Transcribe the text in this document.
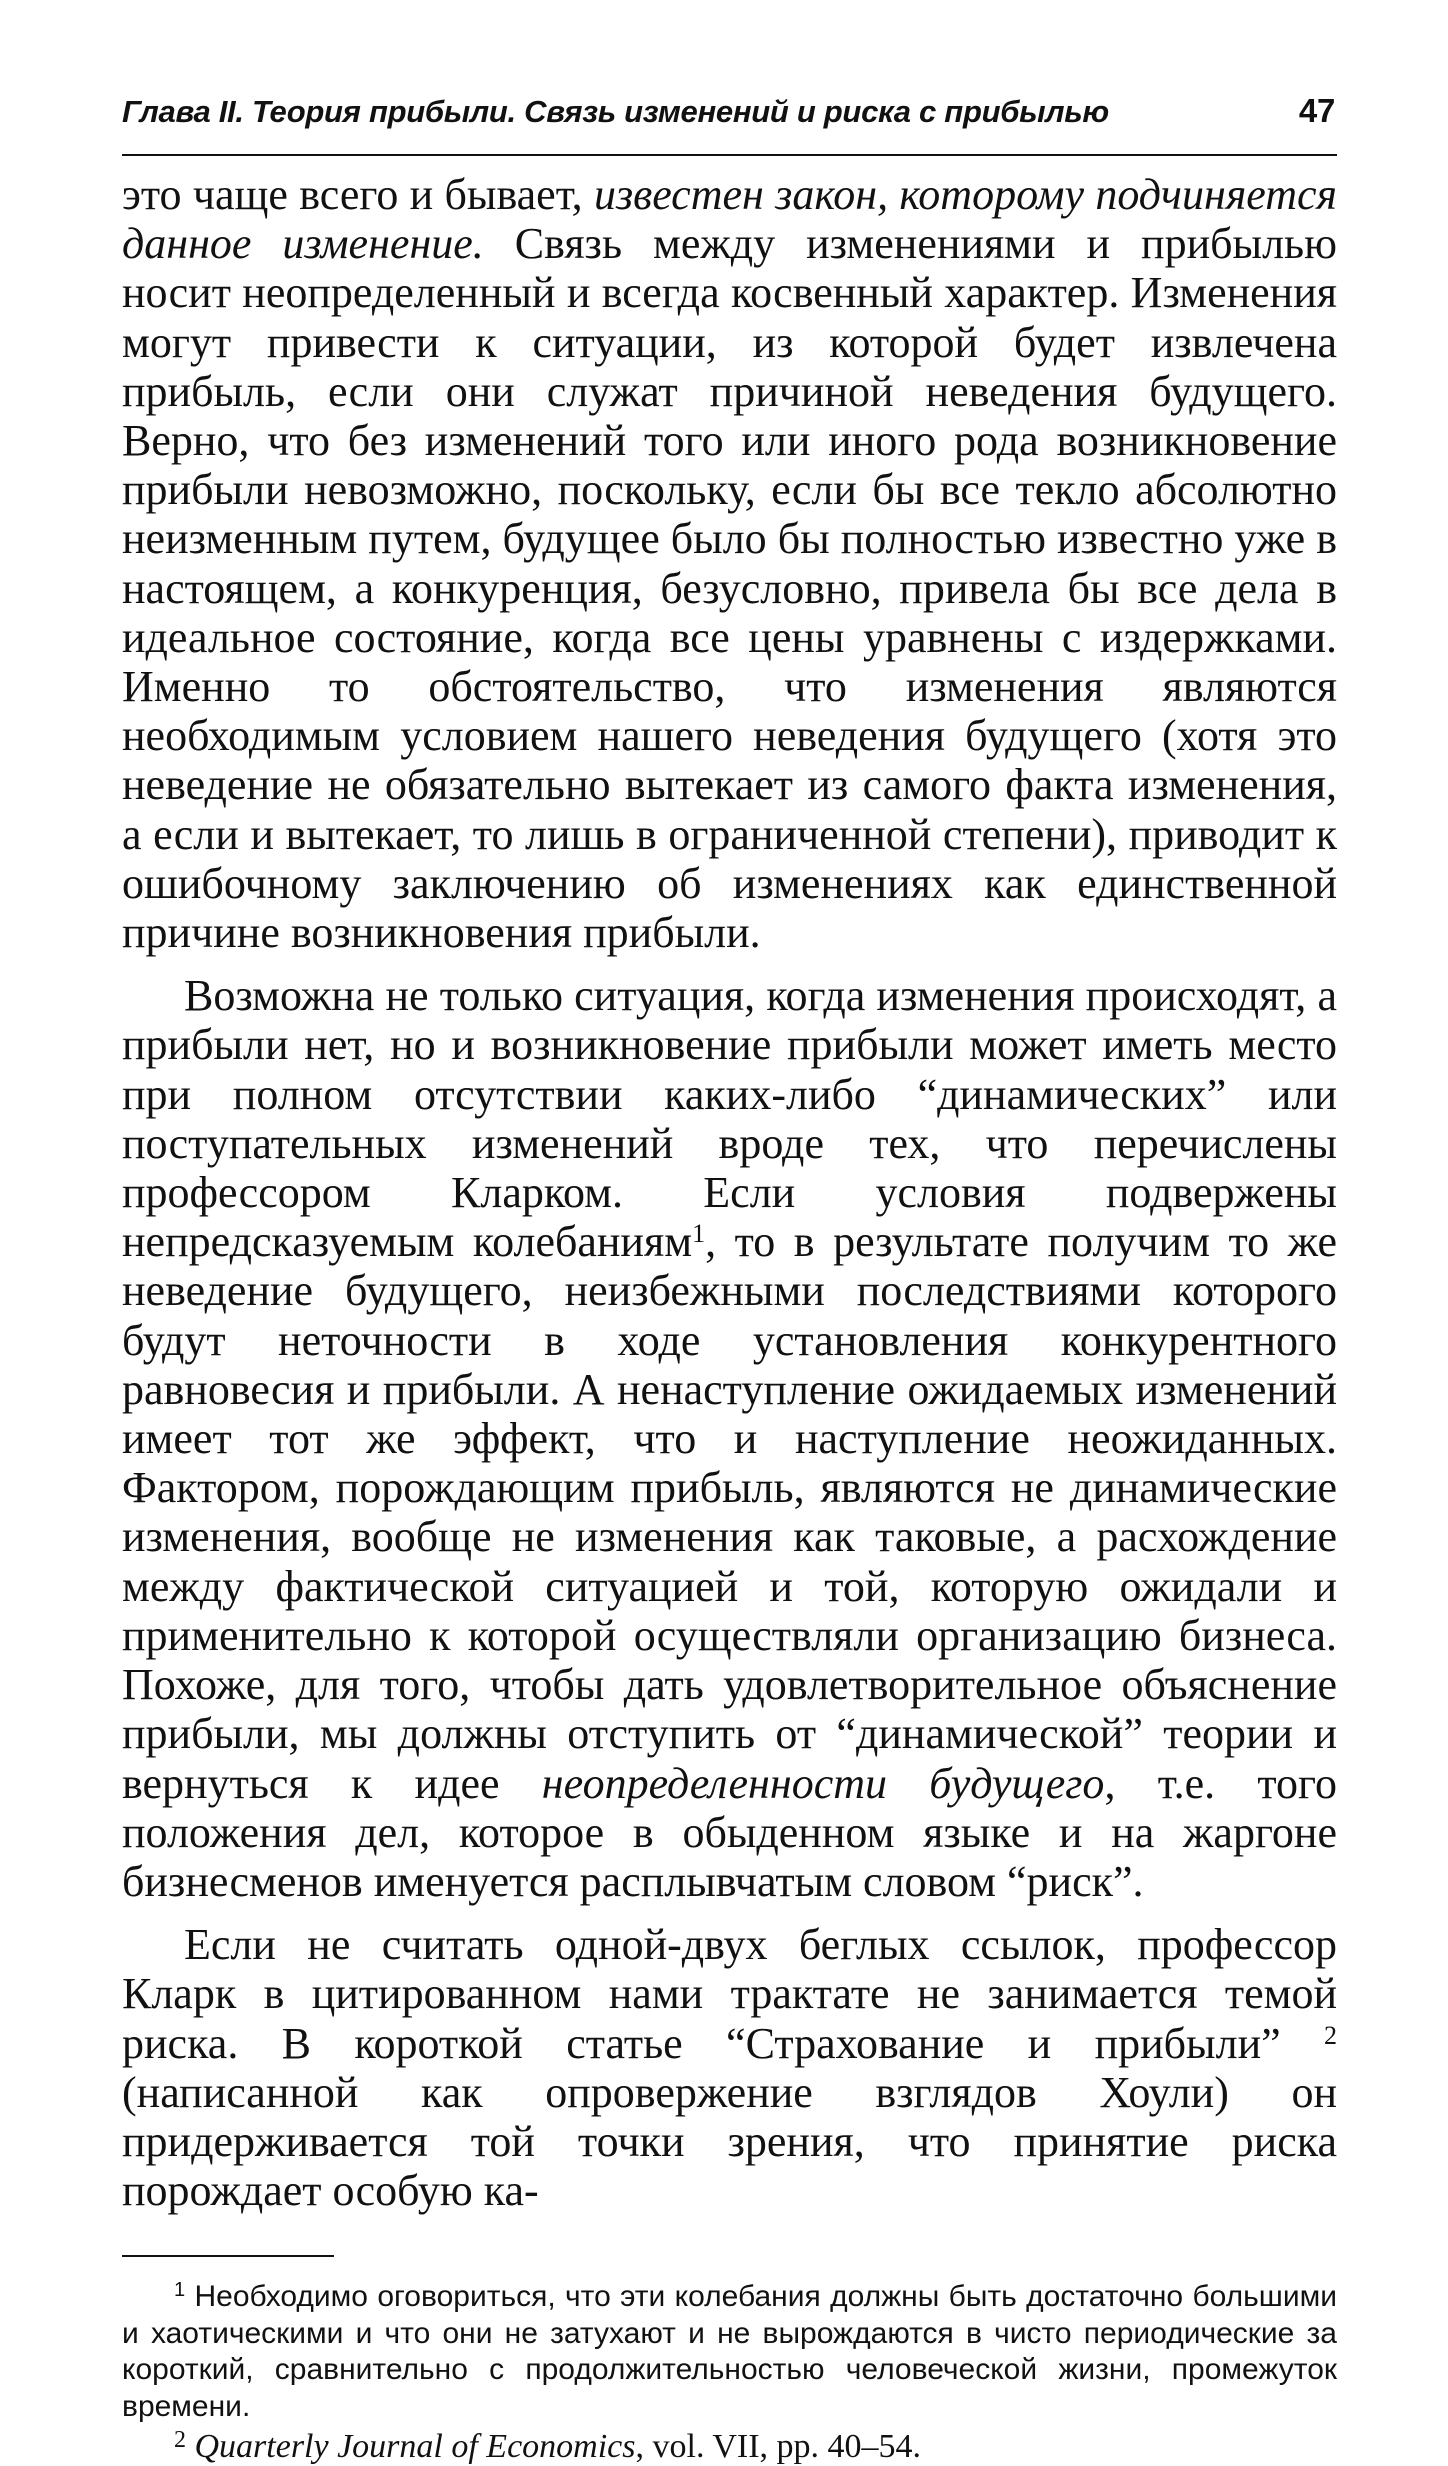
Глава II. Теория прибыли. Связь изменений и риска с прибылью	47

это чаще всего и бывает, известен закон, которому подчиняется данное изменение. Связь между изменениями и прибылью носит неопределенный и всегда косвенный характер. Изменения могут привести к ситуации, из которой будет извлечена прибыль, если они служат причиной неведения будущего. Верно, что без изменений того или иного рода возникновение прибыли невозможно, поскольку, если бы все текло абсолютно неизменным путем, будущее было бы полностью известно уже в настоящем, а конкуренция, безусловно, привела бы все дела в идеальное состояние, когда все цены уравнены с издержками. Именно то обстоятельство, что изменения являются необходимым условием нашего неведения будущего (хотя это неведение не обязательно вытекает из самого факта изменения, а если и вытекает, то лишь в ограниченной степени), приводит к ошибочному заключению об изменениях как единственной причине возникновения прибыли.

Возможна не только ситуация, когда изменения происходят, а прибыли нет, но и возникновение прибыли может иметь место при полном отсутствии каких-либо “динамических” или поступательных изменений вроде тех, что перечислены профессором Кларком. Если условия подвержены непредсказуемым колебаниям$^1$, то в результате получим то же неведение будущего, неизбежными последствиями которого будут неточности в ходе установления конкурентного равновесия и прибыли. А ненаступление ожидаемых изменений имеет тот же эффект, что и наступление неожиданных. Фактором, порождающим прибыль, являются не динамические изменения, вообще не изменения как таковые, а расхождение между фактической ситуацией и той, которую ожидали и применительно к которой осуществляли организацию бизнеса. Похоже, для того, чтобы дать удовлетворительное объяснение прибыли, мы должны отступить от “динамической” теории и вернуться к идее неопределенности будущего, т.е. того положения дел, которое в обыденном языке и на жаргоне бизнесменов именуется расплывчатым словом “риск”.

Если не считать одной-двух беглых ссылок, профессор Кларк в цитированном нами трактате не занимается темой риска. В короткой статье “Страхование и прибыли” $^2$ (написанной как опровержение взглядов Хоули) он придерживается той точки зрения, что принятие риска порождает особую ка-

$^1$ Необходимо оговориться, что эти колебания должны быть достаточно большими и хаотическими и что они не затухают и не вырождаются в чисто периодические за короткий, сравнительно с продолжительностью человеческой жизни, промежуток времени.

$^2$ Quarterly Journal of Economics, vol. VII, pp. 40–54.
